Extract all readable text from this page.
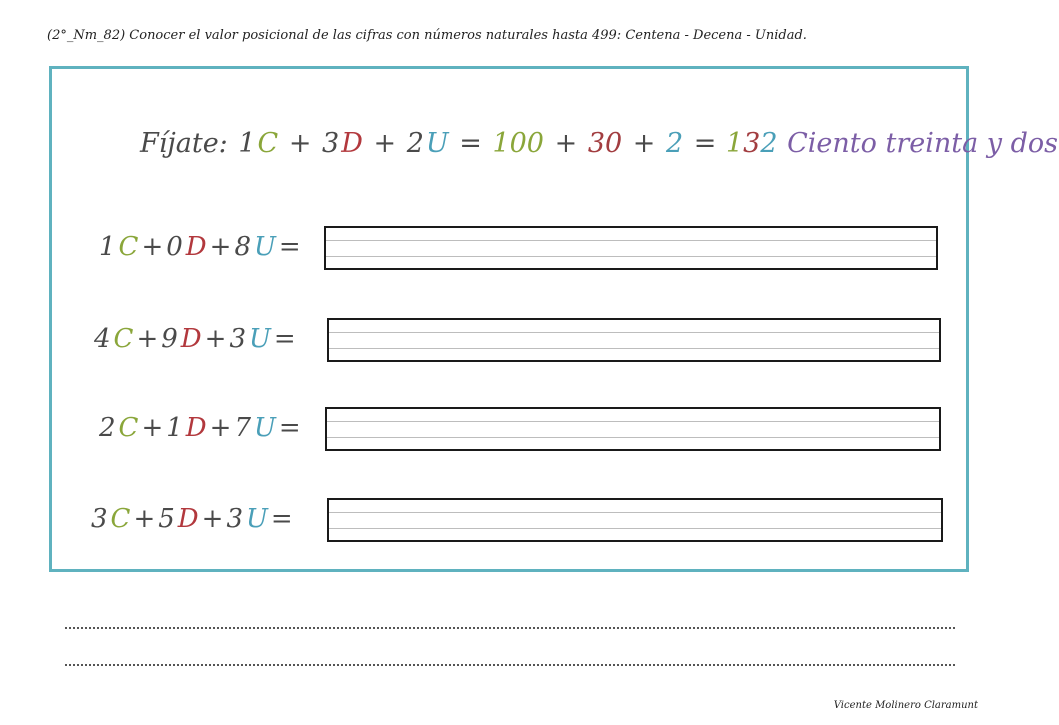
(2°_Nm_82) Conocer el valor posicional de las cifras con números naturales hasta 499: Centena - Decena - Unidad.
Fíjate: 1C + 3D + 2U = 100 + 30 + 2 = 132 Ciento treinta y dos
1 C + 0 D + 8 U =
4 C + 9 D + 3 U =
2 C + 1 D + 7 U =
3 C + 5 D + 3 U =
Vicente Molinero Claramunt
